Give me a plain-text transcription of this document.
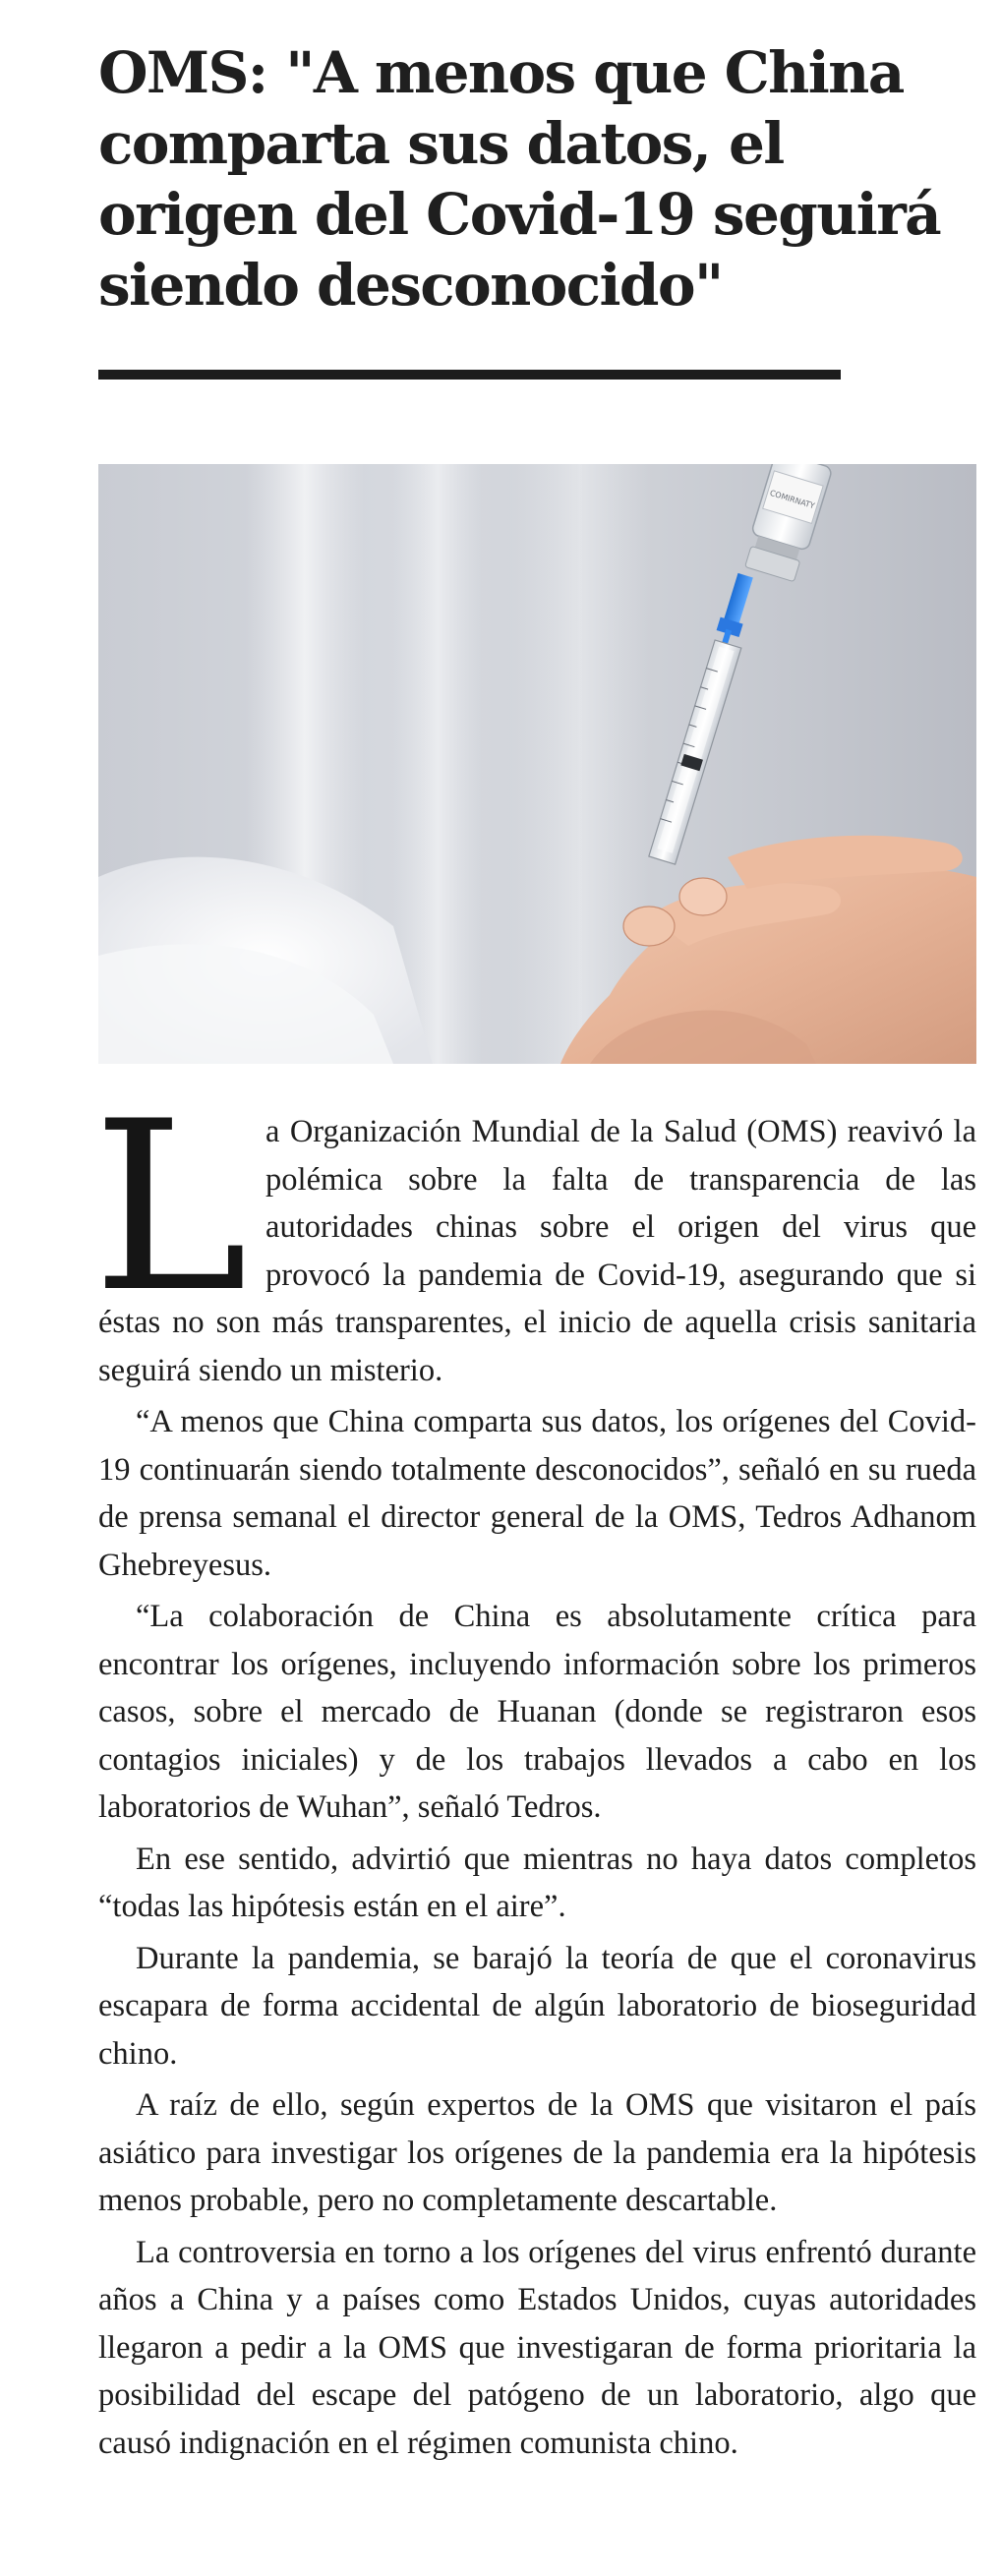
OMS: "A menos que China comparta sus datos, el origen del Covid-19 seguirá siendo desconocido"
COMIRNATY

La Organización Mundial de la Salud (OMS) reavivó la polémica sobre la falta de transparencia de las autoridades chinas sobre el origen del virus que provocó la pandemia de Covid-19, asegurando que si éstas no son más transparentes, el inicio de aquella crisis sanitaria seguirá siendo un misterio.

“A menos que China comparta sus datos, los orígenes del Covid-19 continuarán siendo totalmente desconocidos”, señaló en su rueda de prensa semanal el director general de la OMS, Tedros Adhanom Ghebreyesus.

“La colaboración de China es absolutamente crítica para encontrar los orígenes, incluyendo información sobre los primeros casos, sobre el mercado de Huanan (donde se registraron esos contagios iniciales) y de los trabajos llevados a cabo en los laboratorios de Wuhan”, señaló Tedros.

En ese sentido, advirtió que mientras no haya datos completos “todas las hipótesis están en el aire”.

Durante la pandemia, se barajó la teoría de que el coronavirus escapara de forma accidental de algún laboratorio de bioseguridad chino.

A raíz de ello, según expertos de la OMS que visitaron el país asiático para investigar los orígenes de la pandemia era la hipótesis menos probable, pero no completamente descartable.

La controversia en torno a los orígenes del virus enfrentó durante años a China y a países como Estados Unidos, cuyas autoridades llegaron a pedir a la OMS que investigaran de forma prioritaria la posibilidad del escape del patógeno de un laboratorio, algo que causó indignación en el régimen comunista chino.
